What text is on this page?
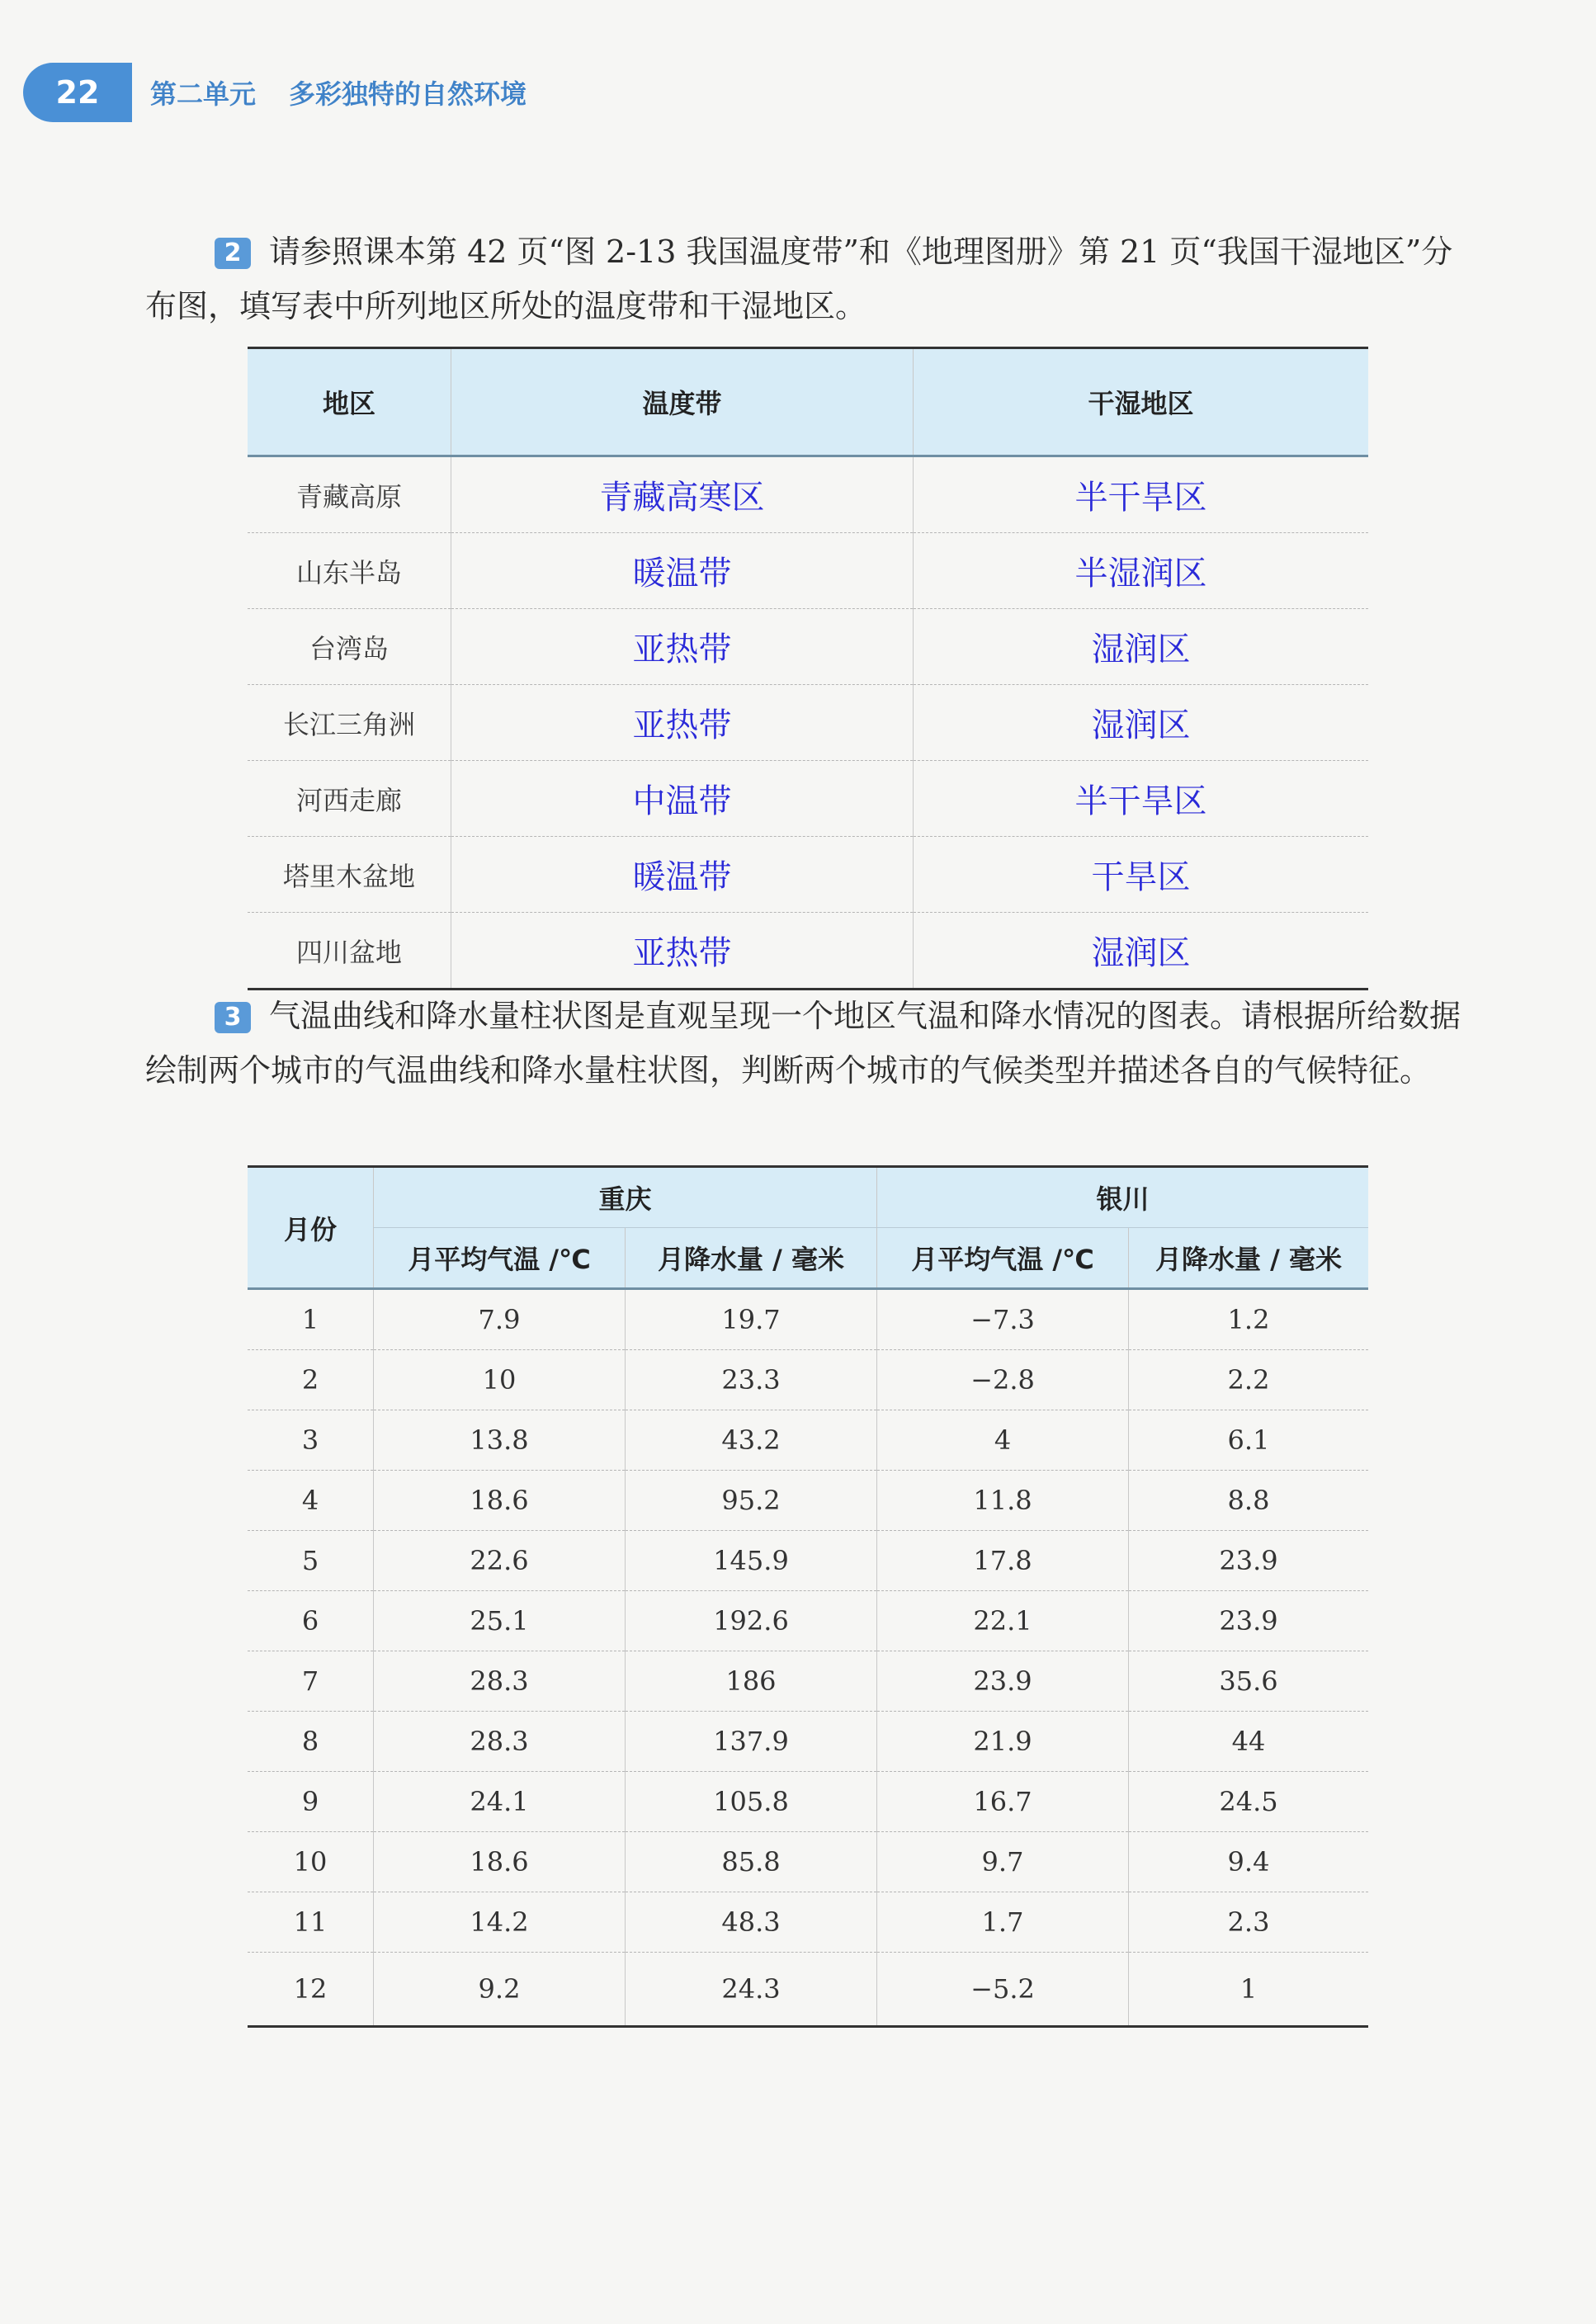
22	第二单元 多彩独特的自然环境
2 请参照课本第 42 页“图 2-13 我国温度带”和《地理图册》第 21 页“我国干湿地区”分布图，填写表中所列地区所处的温度带和干湿地区。
地区	温度带	干湿地区
青藏高原	青藏高寒区	半干旱区
山东半岛	暖温带	半湿润区
台湾岛	亚热带	湿润区
长江三角洲	亚热带	湿润区
河西走廊	中温带	半干旱区
塔里木盆地	暖温带	干旱区
四川盆地	亚热带	湿润区
3 气温曲线和降水量柱状图是直观呈现一个地区气温和降水情况的图表。请根据所给数据绘制两个城市的气温曲线和降水量柱状图，判断两个城市的气候类型并描述各自的气候特征。
月份	重庆		银川	
	月平均气温 /℃	月降水量 / 毫米	月平均气温 /℃	月降水量 / 毫米
1	7.9	19.7	−7.3	1.2
2	10	23.3	−2.8	2.2
3	13.8	43.2	4	6.1
4	18.6	95.2	11.8	8.8
5	22.6	145.9	17.8	23.9
6	25.1	192.6	22.1	23.9
7	28.3	186	23.9	35.6
8	28.3	137.9	21.9	44
9	24.1	105.8	16.7	24.5
10	18.6	85.8	9.7	9.4
11	14.2	48.3	1.7	2.3
12	9.2	24.3	−5.2	1
